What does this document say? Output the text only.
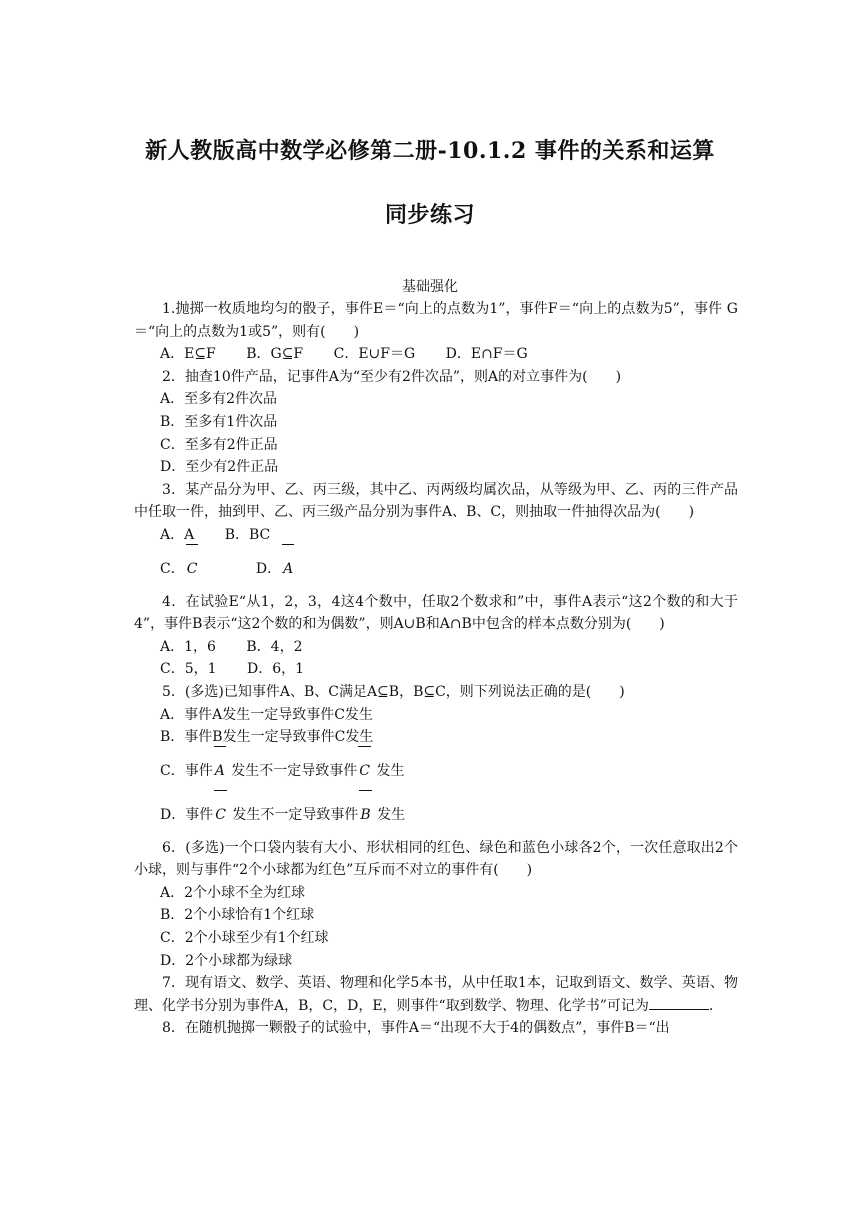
新人教版高中数学必修第二册-10.1.2 事件的关系和运算
同步练习
基础强化

1.抛掷一枚质地均匀的骰子，事件E＝“向上的点数为1”，事件F＝“向上的点数为5”，事件 G＝“向上的点数为1或5”，则有(　　)

A．E⊆F B．G⊆F C．E∪F＝G D．E∩F＝G

2．抽查10件产品，记事件A为“至少有2件次品”，则A的对立事件为(　　)

A．至多有2件次品

B．至多有1件次品

C．至多有2件正品

D．至少有2件正品

3．某产品分为甲、乙、丙三级，其中乙、丙两级均属次品，从等级为甲、乙、丙的三件产品中任取一件，抽到甲、乙、丙三级产品分别为事件A、B、C，则抽取一件抽得次品为(　　)

A．A B．BC

C． C	D． A

4．在试验E“从1，2，3，4这4个数中，任取2个数求和”中，事件A表示“这2个数的和大于4”，事件B表示“这2个数的和为偶数”，则A∪B和A∩B中包含的样本点数分别为(　　)

A．1，6 B．4，2

C．5，1 D．6，1

5．(多选)已知事件A、B、C满足A⊆B，B⊆C，则下列说法正确的是(　　)

A．事件A发生一定导致事件C发生

B．事件B发生一定导致事件C发生

C．事件 A 发生不一定导致事件 C 发生

D．事件 C 发生不一定导致事件 B 发生

6．(多选)一个口袋内装有大小、形状相同的红色、绿色和蓝色小球各2个，一次任意取出2个小球，则与事件“2个小球都为红色”互斥而不对立的事件有(　　)

A．2个小球不全为红球

B．2个小球恰有1个红球

C．2个小球至少有1个红球

D．2个小球都为绿球

7．现有语文、数学、英语、物理和化学5本书，从中任取1本，记取到语文、数学、英语、物理、化学书分别为事件A，B，C，D，E，则事件“取到数学、物理、化学书”可记为	.

8．在随机抛掷一颗骰子的试验中，事件A＝“出现不大于4的偶数点”，事件B＝“出
